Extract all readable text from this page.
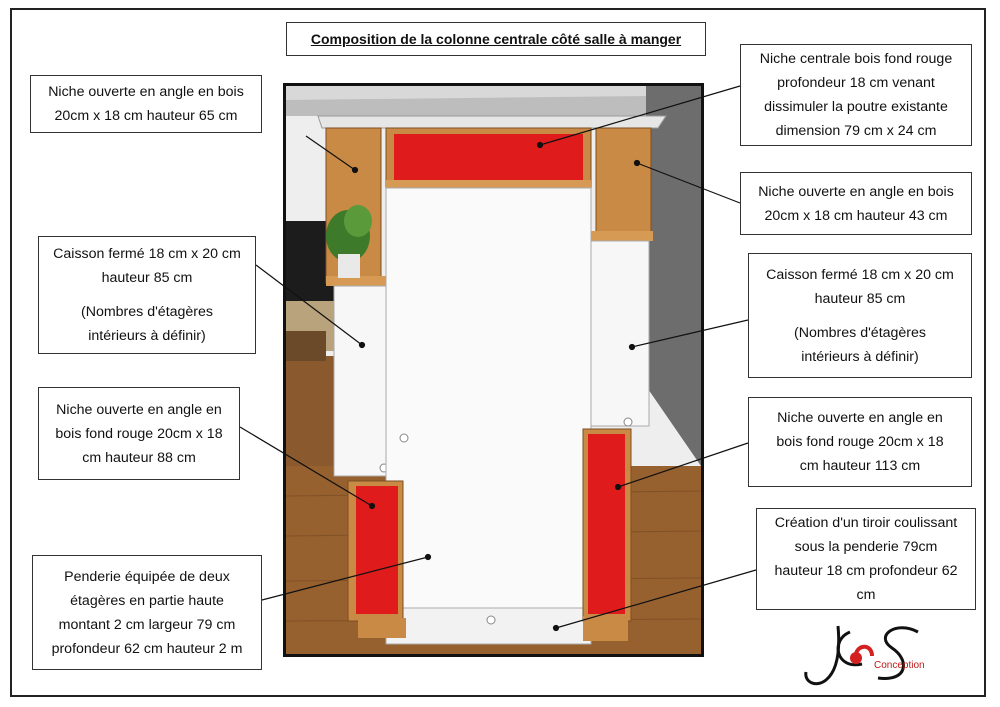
Composition de la colonne centrale côté salle à manger
Niche ouverte en angle en bois
20cm x 18 cm hauteur 65 cm
Caisson fermé 18 cm x 20 cm
hauteur 85 cm
(Nombres d'étagères
intérieurs à définir)
Niche ouverte en angle en
bois fond rouge 20cm x 18
cm hauteur 88 cm
Penderie équipée de deux
étagères en partie haute
montant 2 cm largeur 79 cm
profondeur 62 cm hauteur 2 m
Niche centrale bois fond rouge
profondeur 18 cm venant
dissimuler la poutre existante
dimension 79 cm x 24 cm
Niche ouverte en angle en bois
20cm x 18 cm hauteur 43 cm
Caisson fermé 18 cm x 20 cm
hauteur 85 cm
(Nombres d'étagères
intérieurs à définir)
Niche ouverte en angle en
bois fond rouge 20cm x 18
cm hauteur 113 cm
Création d'un tiroir coulissant
sous la penderie 79cm
hauteur 18 cm profondeur 62
cm
Conception
